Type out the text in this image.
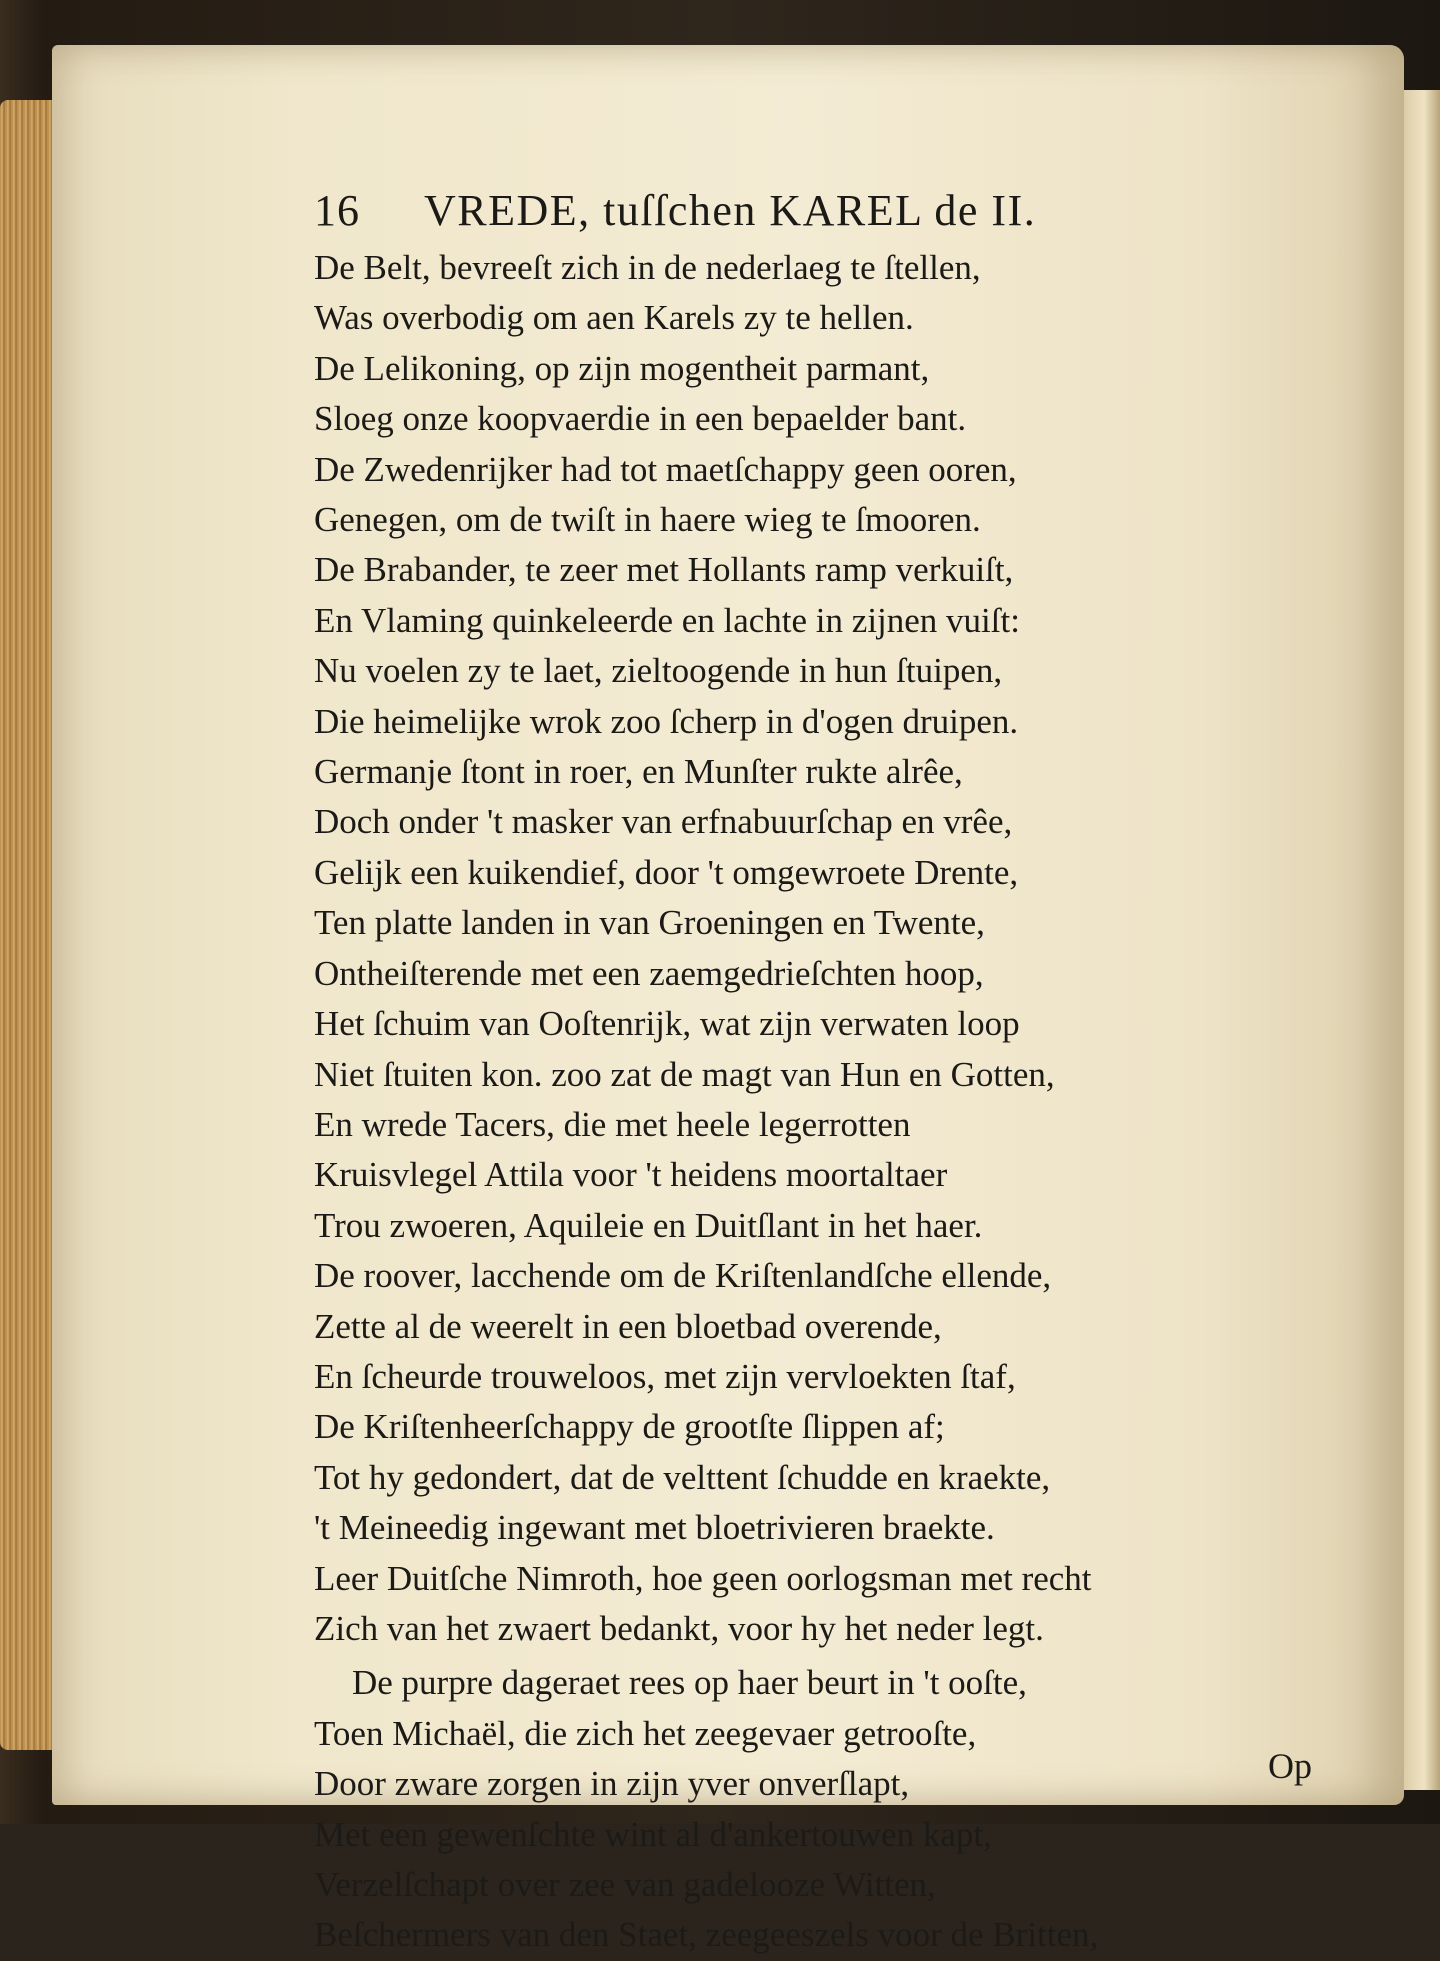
16	VREDE, tuſſchen KAREL de II.
De Belt, bevreeſt zich in de nederlaeg te ſtellen,
Was overbodig om aen Karels zy te hellen.
De Lelikoning, op zijn mogentheit parmant,
Sloeg onze koopvaerdie in een bepaelder bant.
De Zwedenrijker had tot maetſchappy geen ooren,
Genegen, om de twiſt in haere wieg te ſmooren.
De Brabander, te zeer met Hollants ramp verkuiſt,
En Vlaming quinkeleerde en lachte in zijnen vuiſt:
Nu voelen zy te laet, zieltoogende in hun ſtuipen,
Die heimelijke wrok zoo ſcherp in d'ogen druipen.
Germanje ſtont in roer, en Munſter rukte alrêe,
Doch onder 't masker van erfnabuurſchap en vrêe,
Gelijk een kuikendief, door 't omgewroete Drente,
Ten platte landen in van Groeningen en Twente,
Ontheiſterende met een zaemgedrieſchten hoop,
Het ſchuim van Ooſtenrijk, wat zijn verwaten loop
Niet ſtuiten kon. zoo zat de magt van Hun en Gotten,
En wrede Tacers, die met heele legerrotten
Kruisvlegel Attila voor 't heidens moortaltaer
Trou zwoeren, Aquileie en Duitſlant in het haer.
De roover, lacchende om de Kriſtenlandſche ellende,
Zette al de weerelt in een bloetbad overende,
En ſcheurde trouweloos, met zijn vervloekten ſtaf,
De Kriſtenheerſchappy de grootſte ſlippen af;
Tot hy gedondert, dat de velttent ſchudde en kraekte,
't Meineedig ingewant met bloetrivieren braekte.
Leer Duitſche Nimroth, hoe geen oorlogsman met recht
Zich van het zwaert bedankt, voor hy het neder legt.
De purpre dageraet rees op haer beurt in 't ooſte,
Toen Michaël, die zich het zeegevaer getrooſte,
Door zware zorgen in zijn yver onverſlapt,
Met een gewenſchte wint al d'ankertouwen kapt,
Verzelſchapt over zee van gadelooze Witten,
Beſchermers van den Staet, zeegeeszels voor de Britten,
Op
